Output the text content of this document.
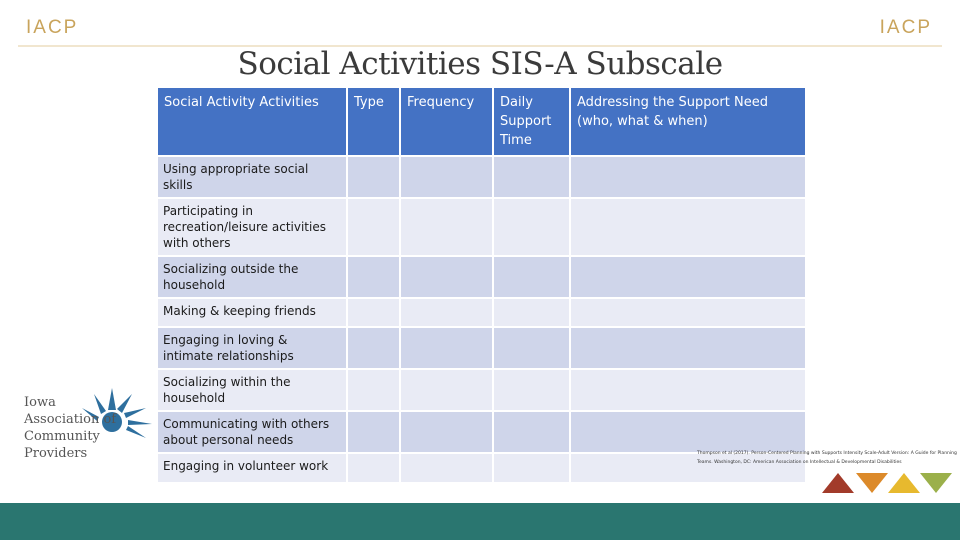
IACP	IACP
Social Activities SIS-A Subscale
Social Activity Activities	Type	Frequency	Daily Support Time	Addressing the Support Need (who, what & when)
Using appropriate social skills				
Participating in recreation/leisure activities with others				
Socializing outside the household				
Making & keeping friends				
Engaging in loving & intimate relationships				
Socializing within the household				
Communicating with others about personal needs				
Engaging in volunteer work				
Iowa
Association of
Community
Providers	Thompson et al (2017). Person-Centered Planning with Supports Intensity Scale-Adult Version: A Guide for Planning Teams. Washington, DC: American Association on Intellectual & Developmental Disabilities
